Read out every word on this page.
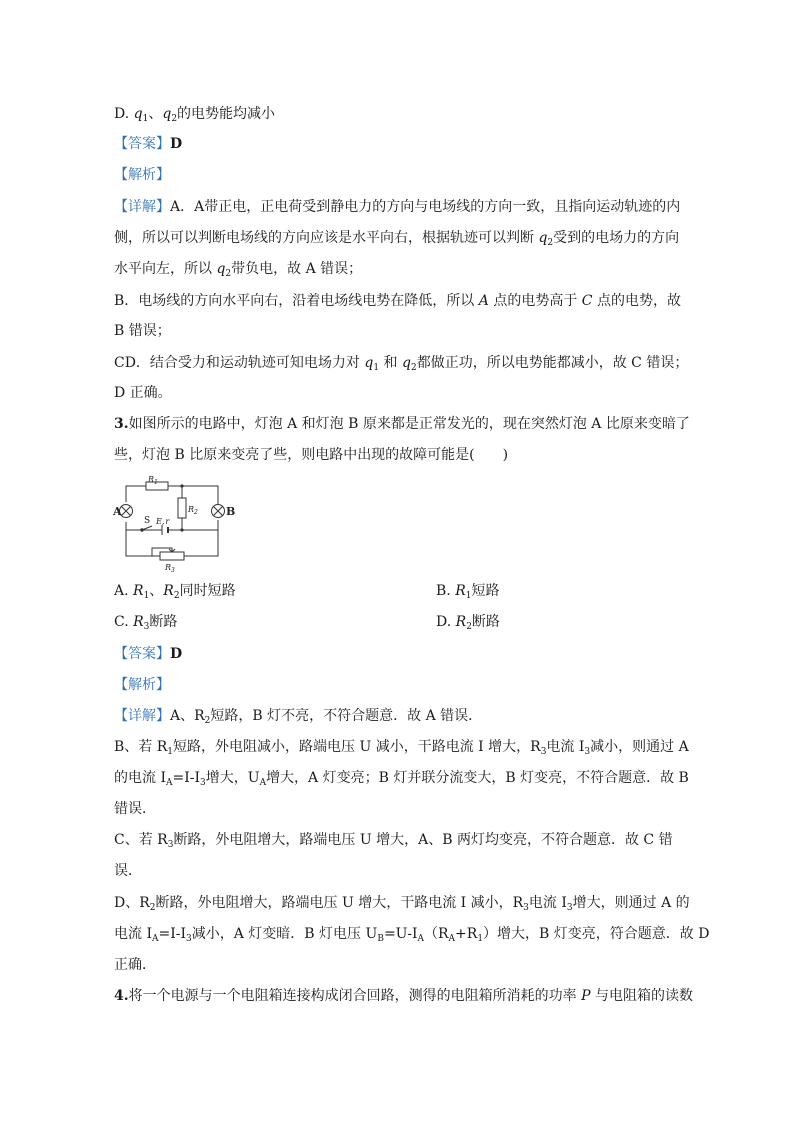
D. $q_1$、$q_2$的电势能均减小
【答案】D
【解析】
【详解】A．A带正电，正电荷受到静电力的方向与电场线的方向一致，且指向运动轨迹的内
侧，所以可以判断电场线的方向应该是水平向右，根据轨迹可以判断 $q_2$受到的电场力的方向
水平向左，所以 $q_2$带负电，故 A 错误；
B．电场线的方向水平向右，沿着电场线电势在降低，所以 A 点的电势高于 C 点的电势，故
B 错误；
CD．结合受力和运动轨迹可知电场力对 $q_1$ 和 $q_2$都做正功，所以电势能都减小，故 C 错误；
D 正确。
3.如图所示的电路中，灯泡 A 和灯泡 B 原来都是正常发光的，现在突然灯泡 A 比原来变暗了
些，灯泡 B 比原来变亮了些，则电路中出现的故障可能是(　　)
A	B
S
$R_1$
$R_2$
E,r
$R_3$
A. $R_1$、$R_2$同时短路	B. $R_1$短路
C. $R_3$断路	D. $R_2$断路
【答案】D
【解析】
【详解】A、$R_2$短路，B 灯不亮，不符合题意．故 A 错误．
B、若 $R_1$短路，外电阻减小，路端电压 U 减小，干路电流 I 增大，$R_3$电流 $I_3$减小，则通过 A
的电流 $I_A=I-I_3$增大，$U_A$增大，A 灯变亮；B 灯并联分流变大，B 灯变亮，不符合题意．故 B
错误．
C、若 $R_3$断路，外电阻增大，路端电压 U 增大，A、B 两灯均变亮，不符合题意．故 C 错
误．
D、$R_2$断路，外电阻增大，路端电压 U 增大，干路电流 I 减小，$R_3$电流 $I_3$增大，则通过 A 的
电流 $I_A=I-I_3$减小，A 灯变暗．B 灯电压 $U_B=U-I_A(R_A+R_1)$增大，B 灯变亮，符合题意．故 D
正确．
4.将一个电源与一个电阻箱连接构成闭合回路，测得的电阻箱所消耗的功率 P 与电阻箱的读数
